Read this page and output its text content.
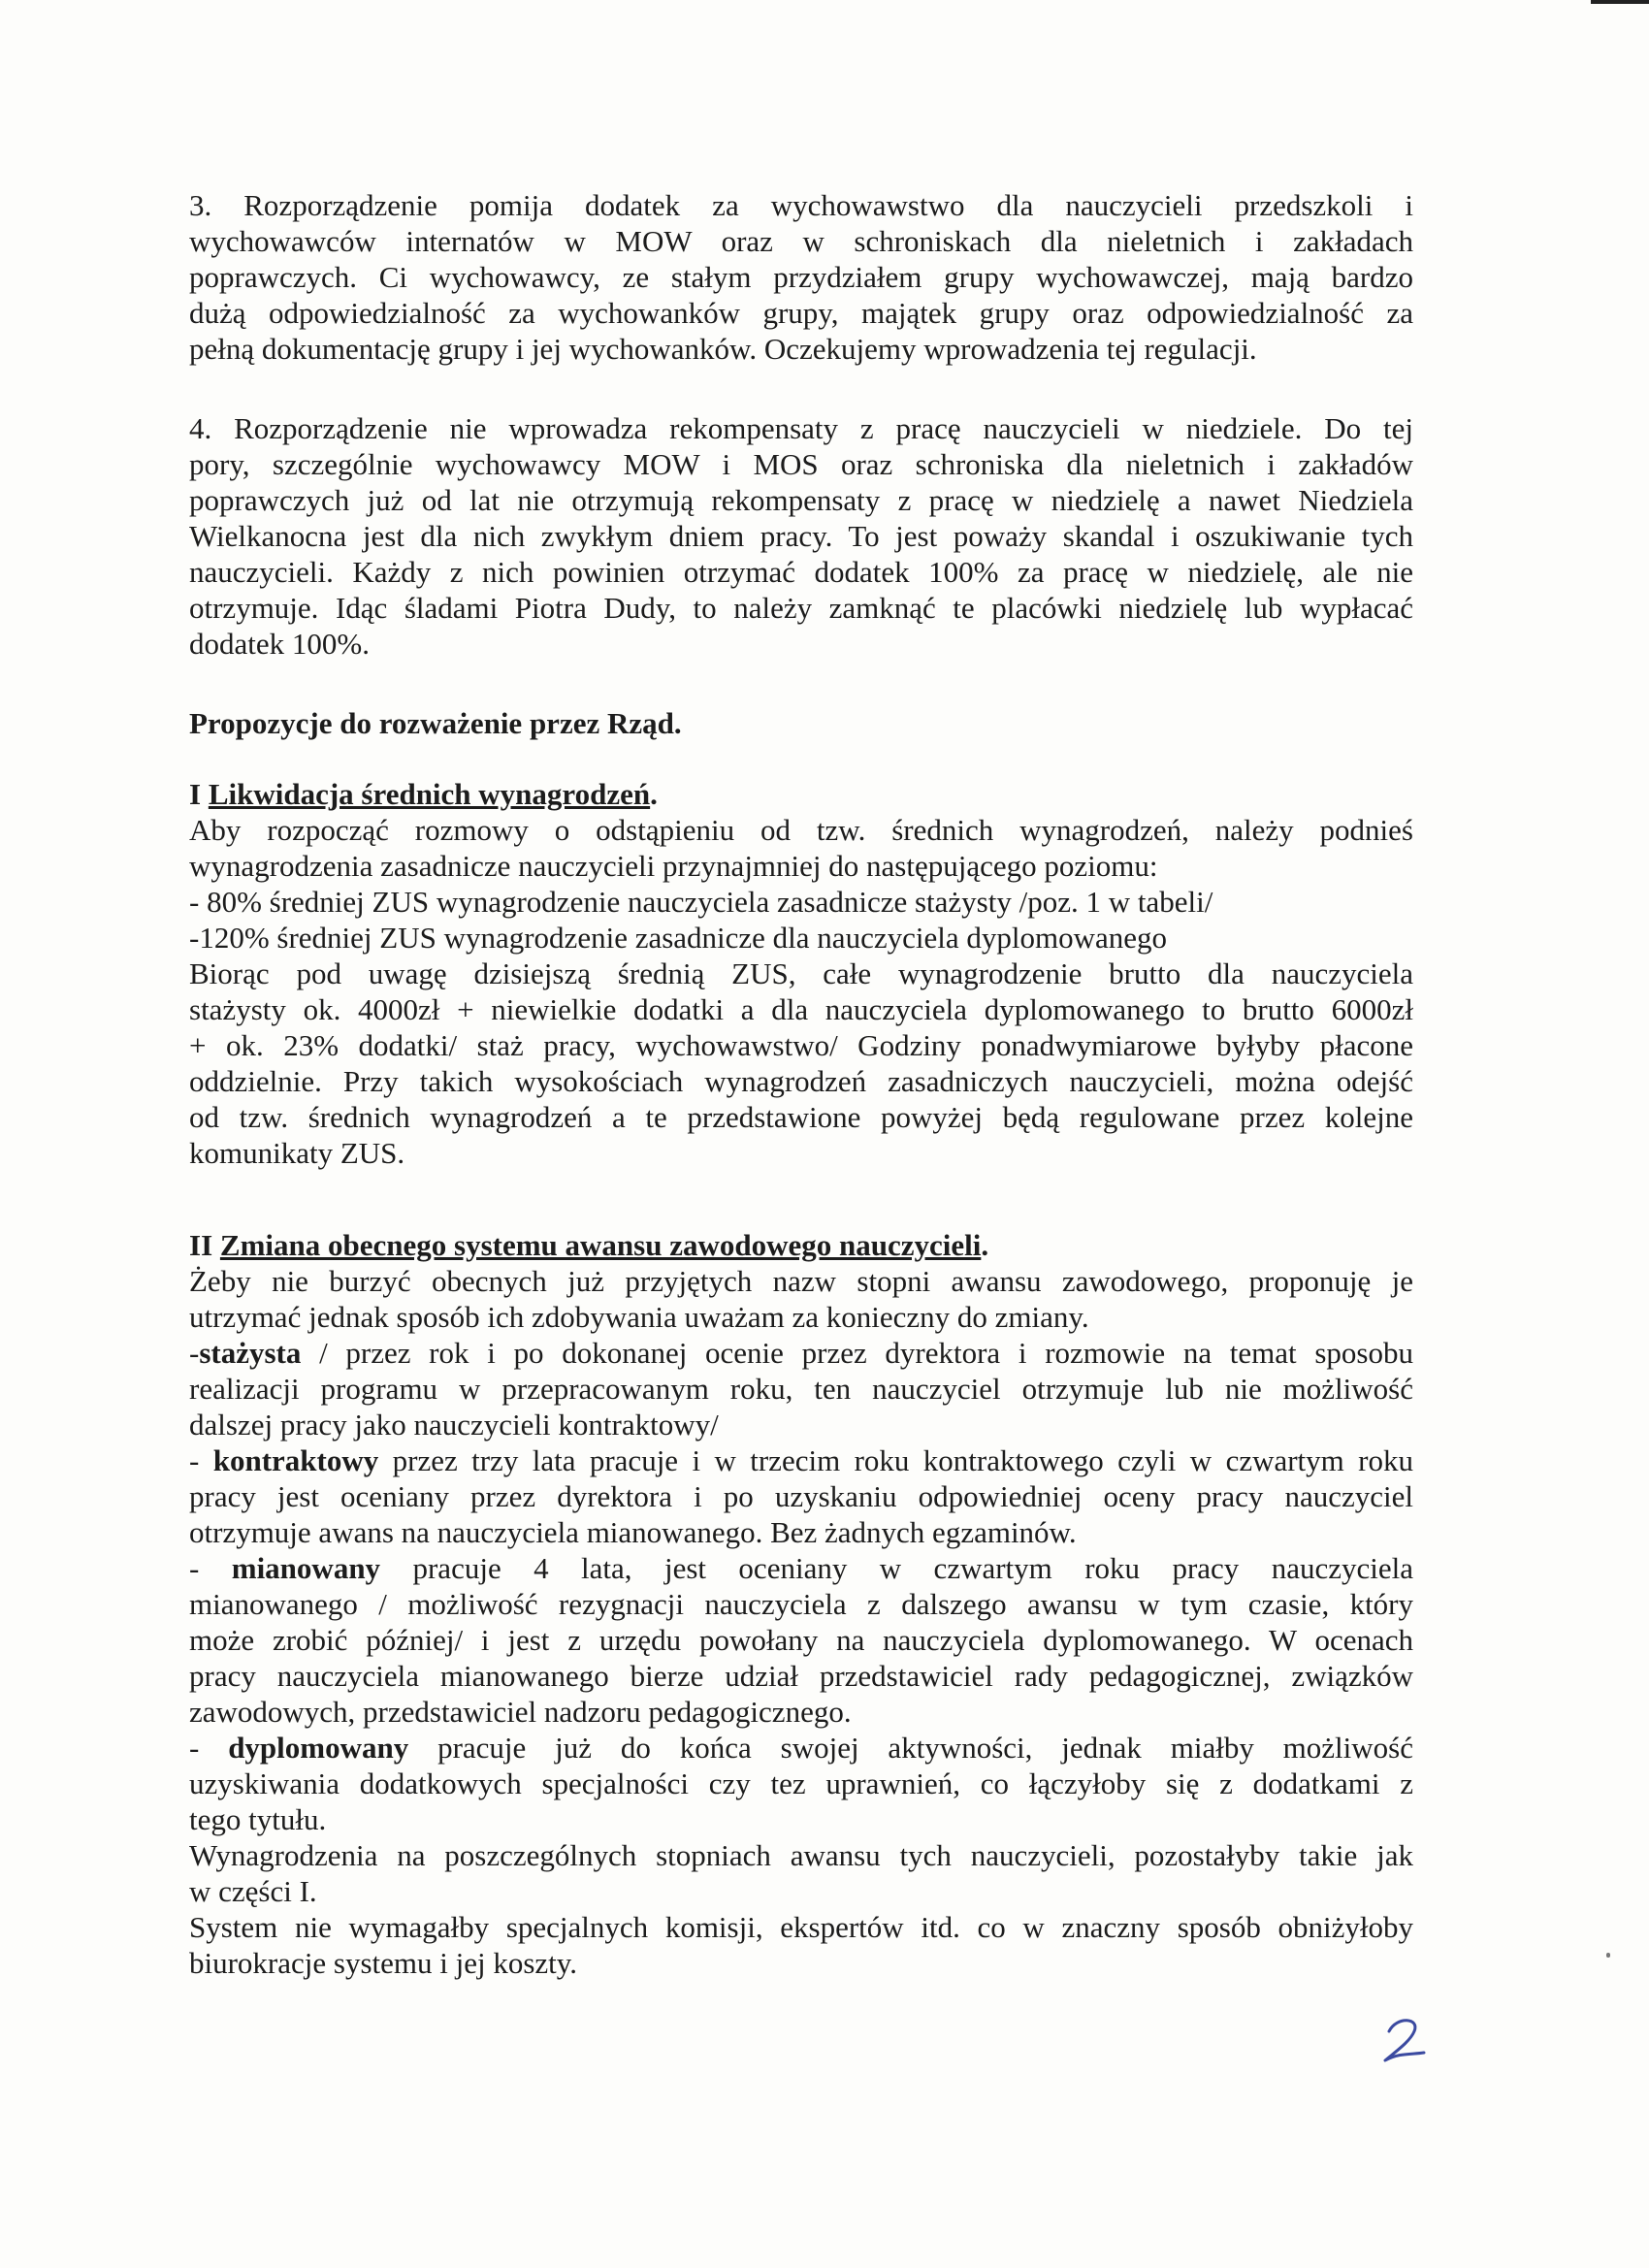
3. Rozporządzenie pomija dodatek za wychowawstwo dla nauczycieli przedszkoli i
wychowawców internatów w MOW oraz w schroniskach dla nieletnich i zakładach
poprawczych. Ci wychowawcy, ze stałym przydziałem grupy wychowawczej, mają bardzo
dużą odpowiedzialność za wychowanków grupy, majątek grupy oraz odpowiedzialność za
pełną dokumentację grupy i jej wychowanków. Oczekujemy wprowadzenia tej regulacji.
4. Rozporządzenie nie wprowadza rekompensaty z pracę nauczycieli w niedziele. Do tej
pory, szczególnie wychowawcy MOW i MOS oraz schroniska dla nieletnich i zakładów
poprawczych już od lat nie otrzymują rekompensaty z pracę w niedzielę a nawet Niedziela
Wielkanocna jest dla nich zwykłym dniem pracy. To jest poważy skandal i oszukiwanie tych
nauczycieli. Każdy z nich powinien otrzymać dodatek 100% za pracę w niedzielę, ale nie
otrzymuje. Idąc śladami Piotra Dudy, to należy zamknąć te placówki niedzielę lub wypłacać
dodatek 100%.
Propozycje do rozważenie przez Rząd.
I Likwidacja średnich wynagrodzeń.
Aby rozpocząć rozmowy o odstąpieniu od tzw. średnich wynagrodzeń, należy podnieś
wynagrodzenia zasadnicze nauczycieli przynajmniej do następującego poziomu:
- 80% średniej ZUS wynagrodzenie nauczyciela zasadnicze stażysty /poz. 1 w tabeli/
-120% średniej ZUS wynagrodzenie zasadnicze dla nauczyciela dyplomowanego
Biorąc pod uwagę dzisiejszą średnią ZUS, całe wynagrodzenie brutto dla nauczyciela
stażysty ok. 4000zł + niewielkie dodatki a dla nauczyciela dyplomowanego to brutto 6000zł
+ ok. 23% dodatki/ staż pracy, wychowawstwo/ Godziny ponadwymiarowe byłyby płacone
oddzielnie. Przy takich wysokościach wynagrodzeń zasadniczych nauczycieli, można odejść
od tzw. średnich wynagrodzeń a te przedstawione powyżej będą regulowane przez kolejne
komunikaty ZUS.
II Zmiana obecnego systemu awansu zawodowego nauczycieli.
Żeby nie burzyć obecnych już przyjętych nazw stopni awansu zawodowego, proponuję je
utrzymać jednak sposób ich zdobywania uważam za konieczny do zmiany.
-stażysta / przez rok i po dokonanej ocenie przez dyrektora i rozmowie na temat sposobu
realizacji programu w przepracowanym roku, ten nauczyciel otrzymuje lub nie możliwość
dalszej pracy jako nauczycieli kontraktowy/
- kontraktowy przez trzy lata pracuje i w trzecim roku kontraktowego czyli w czwartym roku
pracy jest oceniany przez dyrektora i po uzyskaniu odpowiedniej oceny pracy nauczyciel
otrzymuje awans na nauczyciela mianowanego. Bez żadnych egzaminów.
- mianowany pracuje 4 lata, jest oceniany w czwartym roku pracy nauczyciela
mianowanego / możliwość rezygnacji nauczyciela z dalszego awansu w tym czasie, który
może zrobić później/ i jest z urzędu powołany na nauczyciela dyplomowanego. W ocenach
pracy nauczyciela mianowanego bierze udział przedstawiciel rady pedagogicznej, związków
zawodowych, przedstawiciel nadzoru pedagogicznego.
- dyplomowany pracuje już do końca swojej aktywności, jednak miałby możliwość
uzyskiwania dodatkowych specjalności czy tez uprawnień, co łączyłoby się z dodatkami z
tego tytułu.
Wynagrodzenia na poszczególnych stopniach awansu tych nauczycieli, pozostałyby takie jak
w części I.
System nie wymagałby specjalnych komisji, ekspertów itd. co w znaczny sposób obniżyłoby
biurokracje systemu i jej koszty.
